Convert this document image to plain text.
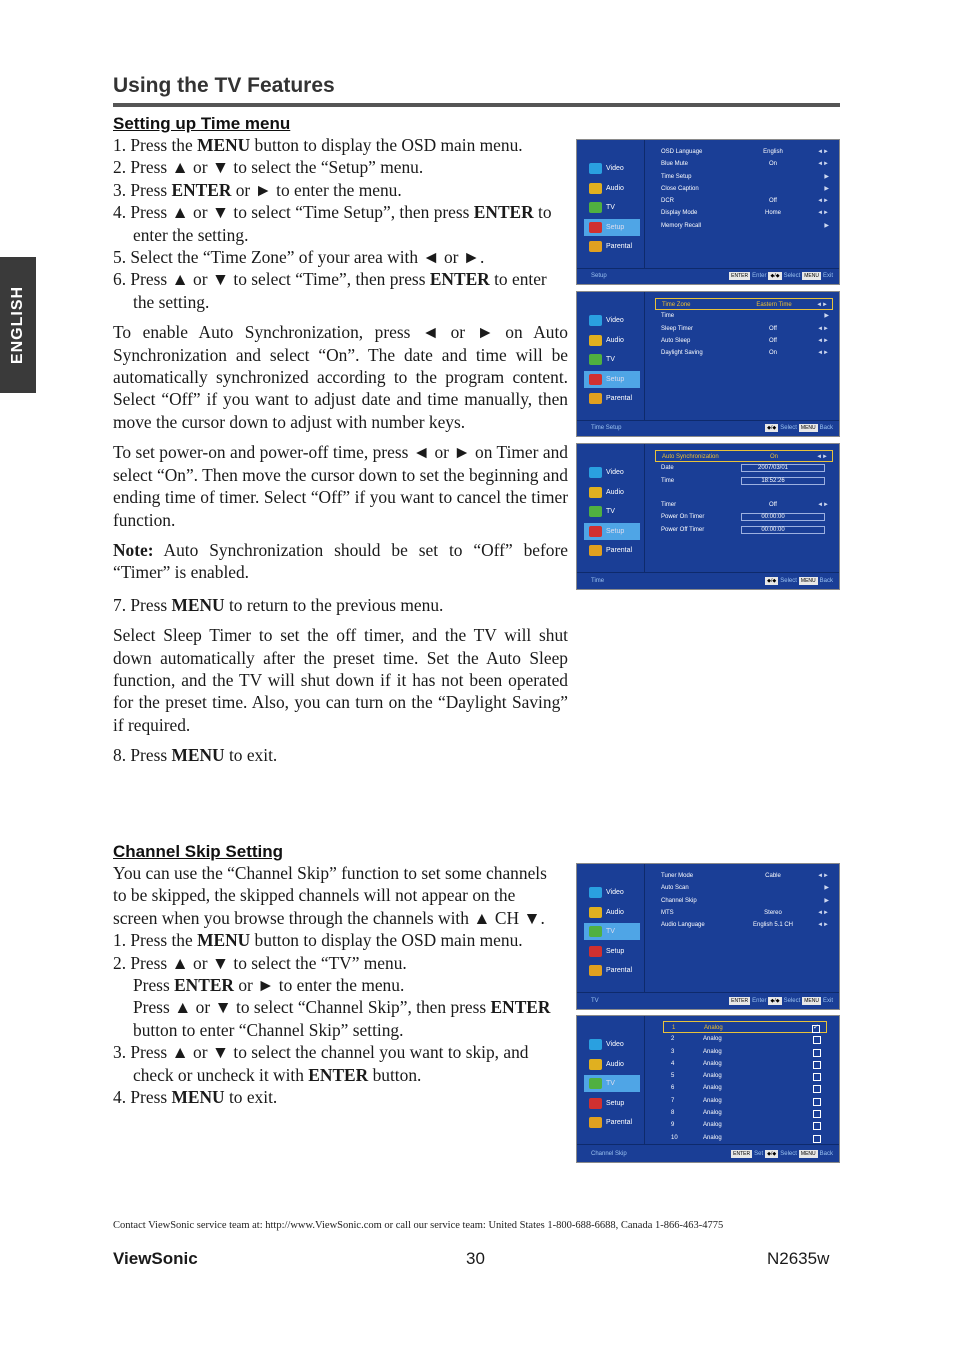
ENGLISH
Using the TV Features
Setting up Time menu

1. Press the MENU button to display the OSD main menu.

2. Press ▲ or ▼ to select the “Setup” menu.

3. Press ENTER or ► to enter the menu.

4. Press ▲ or ▼ to select “Time Setup”, then press ENTER to enter the setting.

5. Select the “Time Zone” of your area with ◄ or ►.

6. Press ▲ or ▼ to select “Time”, then press ENTER to enter the setting.

To enable Auto Synchronization, press ◄ or ► on Auto Synchronization and select “On”. The date and time will be automatically synchronized according to the program content. Select “Off” if you want to adjust date and time manually, then move the cursor down to adjust with number keys.

To set power-on and power-off time, press ◄ or ► on Timer and select “On”. Then move the cursor down to set the beginning and ending time of timer. Select “Off” if you want to cancel the timer function.

Note: Auto Synchronization should be set to “Off” before “Timer” is enabled.

7. Press MENU to return to the previous menu.

Select Sleep Timer to set the off timer, and the TV will shut down automatically after the preset time. Set the Auto Sleep function, and the TV will shut down if it has not been operated for the preset time. Also, you can turn on the “Daylight Saving” if required.

8. Press MENU to exit.

Channel Skip Setting

You can use the “Channel Skip” function to set some channels to be skipped, the skipped channels will not appear on the screen when you browse through the channels with ▲ CH ▼.

1. Press the MENU button to display the OSD main menu.

2. Press ▲ or ▼ to select the “TV” menu.

Press ENTER or ► to enter the menu.

Press ▲ or ▼ to select “Channel Skip”, then press ENTER button to enter “Channel Skip” setting.

3. Press ▲ or ▼ to select the channel you want to skip, and check or uncheck it with ENTER button.

4. Press MENU to exit.

Video
Audio
TV
Setup
Parental
OSD Language	English	◄►
Blue Mute	On	◄►
Time Setup	▶
Close Caption	▶
DCR	Off	◄►
Display Mode	Home	◄►
Memory Recall	▶
Setup	ENTER Enter ◆/◆ Select MENU Exit
Video
Audio
TV
Setup
Parental
Time Zone	Eastern Time	◄►
Time	▶
Sleep Timer	Off	◄►
Auto Sleep	Off	◄►
Daylight Saving	On	◄►
Time Setup	◆/◆ Select MENU Back
Video
Audio
TV
Setup
Parental
Auto Synchronization	On	◄►
Date	2007/03/01
Time	18:52:26
Timer	Off	◄►
Power On Timer	00:00:00
Power Off Timer	00:00:00
Time	◆/◆ Select MENU Back
Video
Audio
TV
Setup
Parental
Tuner Mode	Cable	◄►
Auto Scan	▶
Channel Skip	▶
MTS	Stereo	◄►
Audio Language	English 5.1 CH	◄►
TV	ENTER Enter ◆/◆ Select MENU Exit
Video
Audio
TV
Setup
Parental
1	Analog	✓
2	Analog
3	Analog
4	Analog
5	Analog
6	Analog
7	Analog
8	Analog
9	Analog
10	Analog
Channel Skip	ENTER Set ◆/◆ Select MENU Back
Contact ViewSonic service team at: http://www.ViewSonic.com or call our service team: United States 1-800-688-6688, Canada 1-866-463-4775
ViewSonic	30	N2635w
